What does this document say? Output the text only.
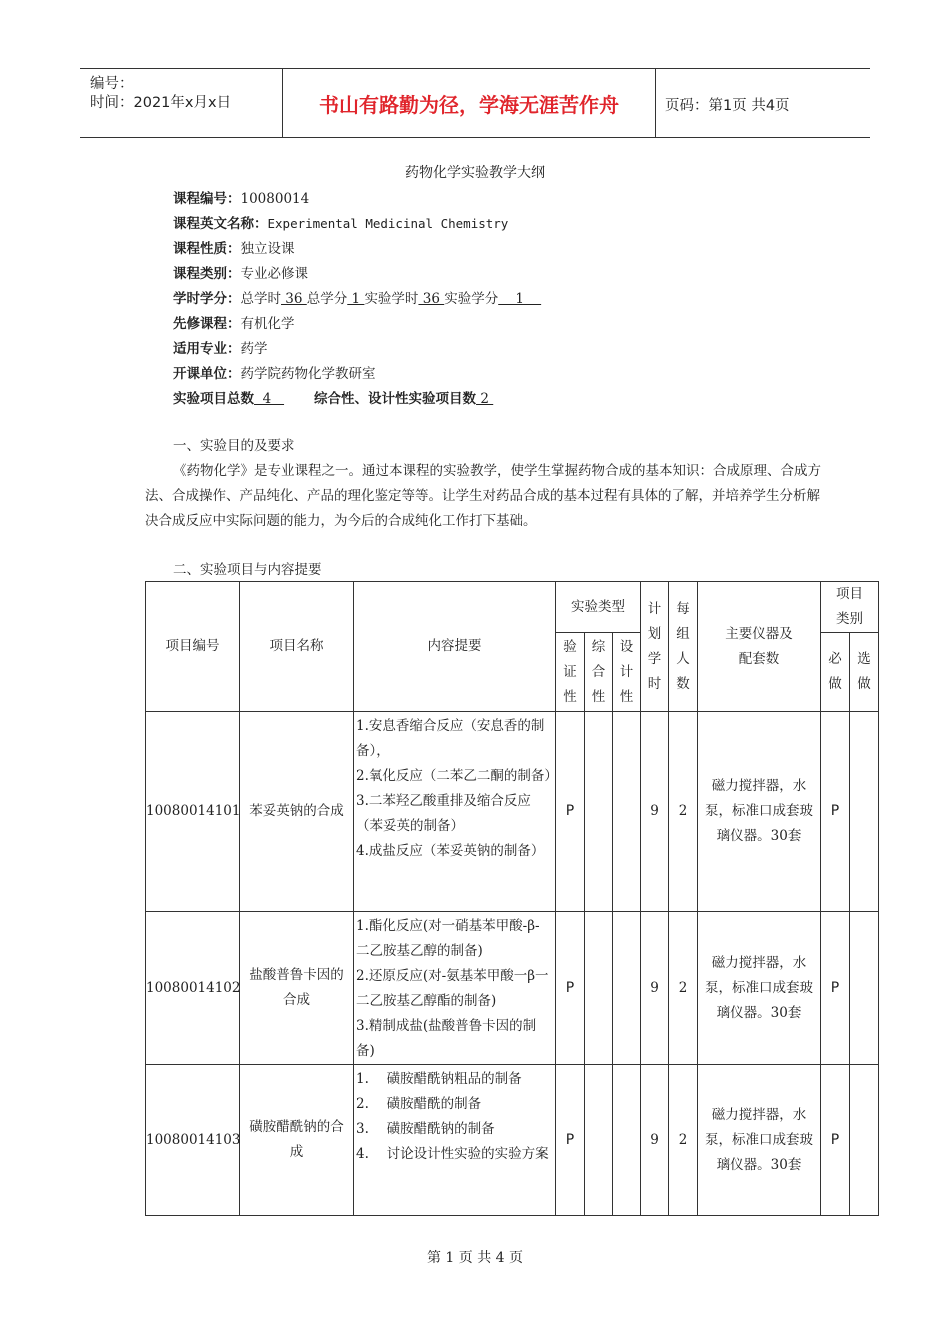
编号：
时间：2021年x月x日	书山有路勤为径，学海无涯苦作舟	页码：第1页 共4页
药物化学实验教学大纲
课程编号：10080014
课程英文名称：Experimental Medicinal Chemistry
课程性质：独立设课
课程类别：专业必修课
学时学分：总学时 36 总学分 1 实验学时 36 实验学分    1
先修课程：有机化学
适用专业：药学
开课单位：药学院药物化学教研室
实验项目总数  4   综合性、设计性实验项目数 2
一、实验目的及要求
《药物化学》是专业课程之一。通过本课程的实验教学，使学生掌握药物合成的基本知识：合成原理、合成方法、合成操作、产品纯化、产品的理化鉴定等等。让学生对药品合成的基本过程有具体的了解，并培养学生分析解决合成反应中实际问题的能力，为今后的合成纯化工作打下基础。
二、实验项目与内容提要
项目编号	项目名称	内容提要	实验类型			计划学时	每组人数	主要仪器及配套数	项目类别	
			验证性	综合性	设计性				必做	选做
10080014101	苯妥英钠的合成	1.安息香缩合反应（安息香的制备），
2.氧化反应（二苯乙二酮的制备）
3.二苯羟乙酸重排及缩合反应（苯妥英的制备）
4.成盐反应（苯妥英钠的制备）	P			9	2	磁力搅拌器，水泵，标准口成套玻璃仪器。30套	P	
10080014102	盐酸普鲁卡因的合成	1.酯化反应(对一硝基苯甲酸-β-二乙胺基乙醇的制备)
2.还原反应(对-氨基苯甲酸一β一二乙胺基乙醇酯的制备)
3.精制成盐(盐酸普鲁卡因的制备)	P			9	2	磁力搅拌器，水泵，标准口成套玻璃仪器。30套	P	
10080014103	磺胺醋酰钠的合成	1.　 磺胺醋酰钠粗品的制备
2.　 磺胺醋酰的制备
3.　 磺胺醋酰钠的制备
4.　 讨论设计性实验的实验方案	P			9	2	磁力搅拌器，水泵，标准口成套玻璃仪器。30套	P	
第 1 页 共 4 页
